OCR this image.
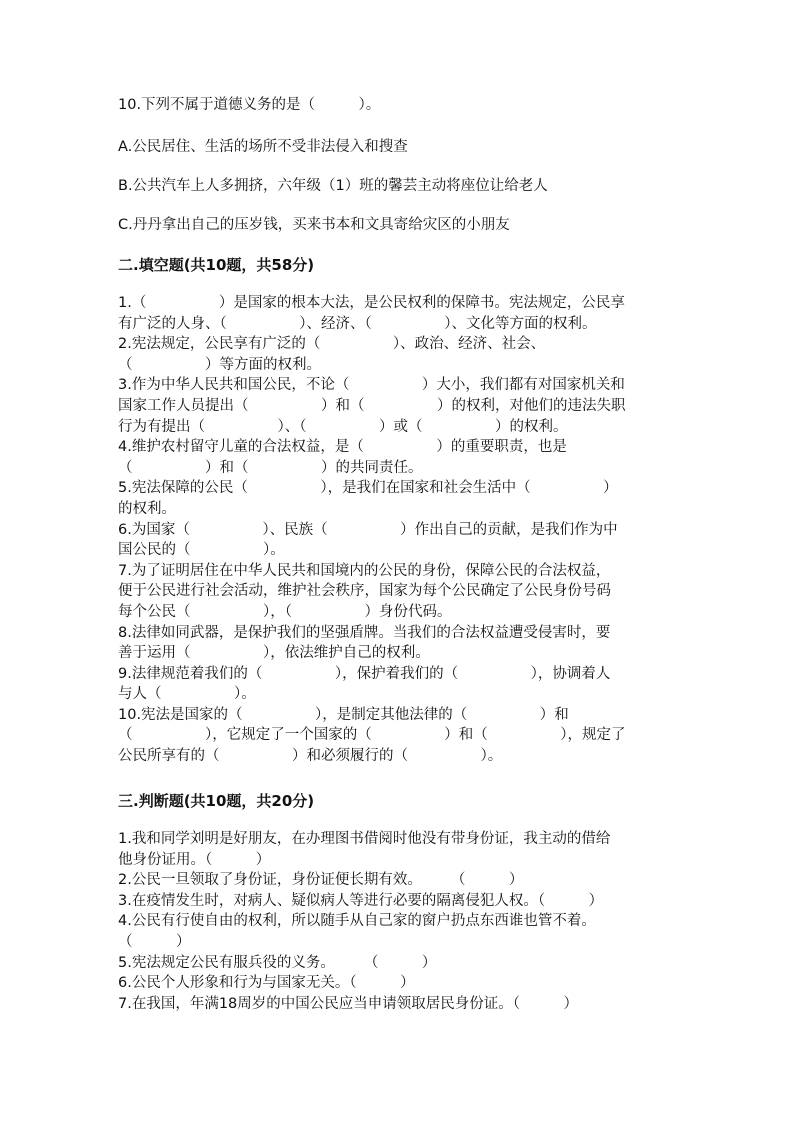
10.下列不属于道德义务的是（　　　）。

A.公民居住、生活的场所不受非法侵入和搜查

B.公共汽车上人多拥挤，六年级（1）班的馨芸主动将座位让给老人

C.丹丹拿出自己的压岁钱，买来书本和文具寄给灾区的小朋友

二.填空题(共10题，共58分)

1.（　　　　　）是国家的根本大法，是公民权利的保障书。宪法规定，公民享

有广泛的人身、（　　　　　）、经济、（　　　　　）、文化等方面的权利。

2.宪法规定，公民享有广泛的（　　　　　）、政治、经济、社会、

（　　　　　）等方面的权利。

3.作为中华人民共和国公民，不论（　　　　　）大小，我们都有对国家机关和

国家工作人员提出（　　　　　）和（　　　　　）的权利，对他们的违法失职

行为有提出（　　　　　）、（　　　　　）或（　　　　　）的权利。

4.维护农村留守儿童的合法权益，是（　　　　　）的重要职责，也是

（　　　　　）和（　　　　　）的共同责任。

5.宪法保障的公民（　　　　　），是我们在国家和社会生活中（　　　　　）

的权利。

6.为国家（　　　　　）、民族（　　　　　）作出自己的贡献，是我们作为中

国公民的（　　　　　）。

7.为了证明居住在中华人民共和国境内的公民的身份，保障公民的合法权益，

便于公民进行社会活动，维护社会秩序，国家为每个公民确定了公民身份号码

每个公民（　　　　　），（　　　　　）身份代码。

8.法律如同武器，是保护我们的坚强盾牌。当我们的合法权益遭受侵害时，要

善于运用（　　　　　），依法维护自己的权利。

9.法律规范着我们的（　　　　　），保护着我们的（　　　　　），协调着人

与人（　　　　　）。

10.宪法是国家的（　　　　　），是制定其他法律的（　　　　　）和

（　　　　　），它规定了一个国家的（　　　　　）和（　　　　　），规定了

公民所享有的（　　　　　）和必须履行的（　　　　　）。

三.判断题(共10题，共20分)

1.我和同学刘明是好朋友，在办理图书借阅时他没有带身份证，我主动的借给

他身份证用。（　　　）

2.公民一旦领取了身份证，身份证便长期有效。　　　（　　　）

3.在疫情发生时，对病人、疑似病人等进行必要的隔离侵犯人权。（　　　）

4.公民有行使自由的权利，所以随手从自己家的窗户扔点东西谁也管不着。

（　　　）

5.宪法规定公民有服兵役的义务。　　　（　　　）

6.公民个人形象和行为与国家无关。（　　　）

7.在我国，年满18周岁的中国公民应当申请领取居民身份证。（　　　）
